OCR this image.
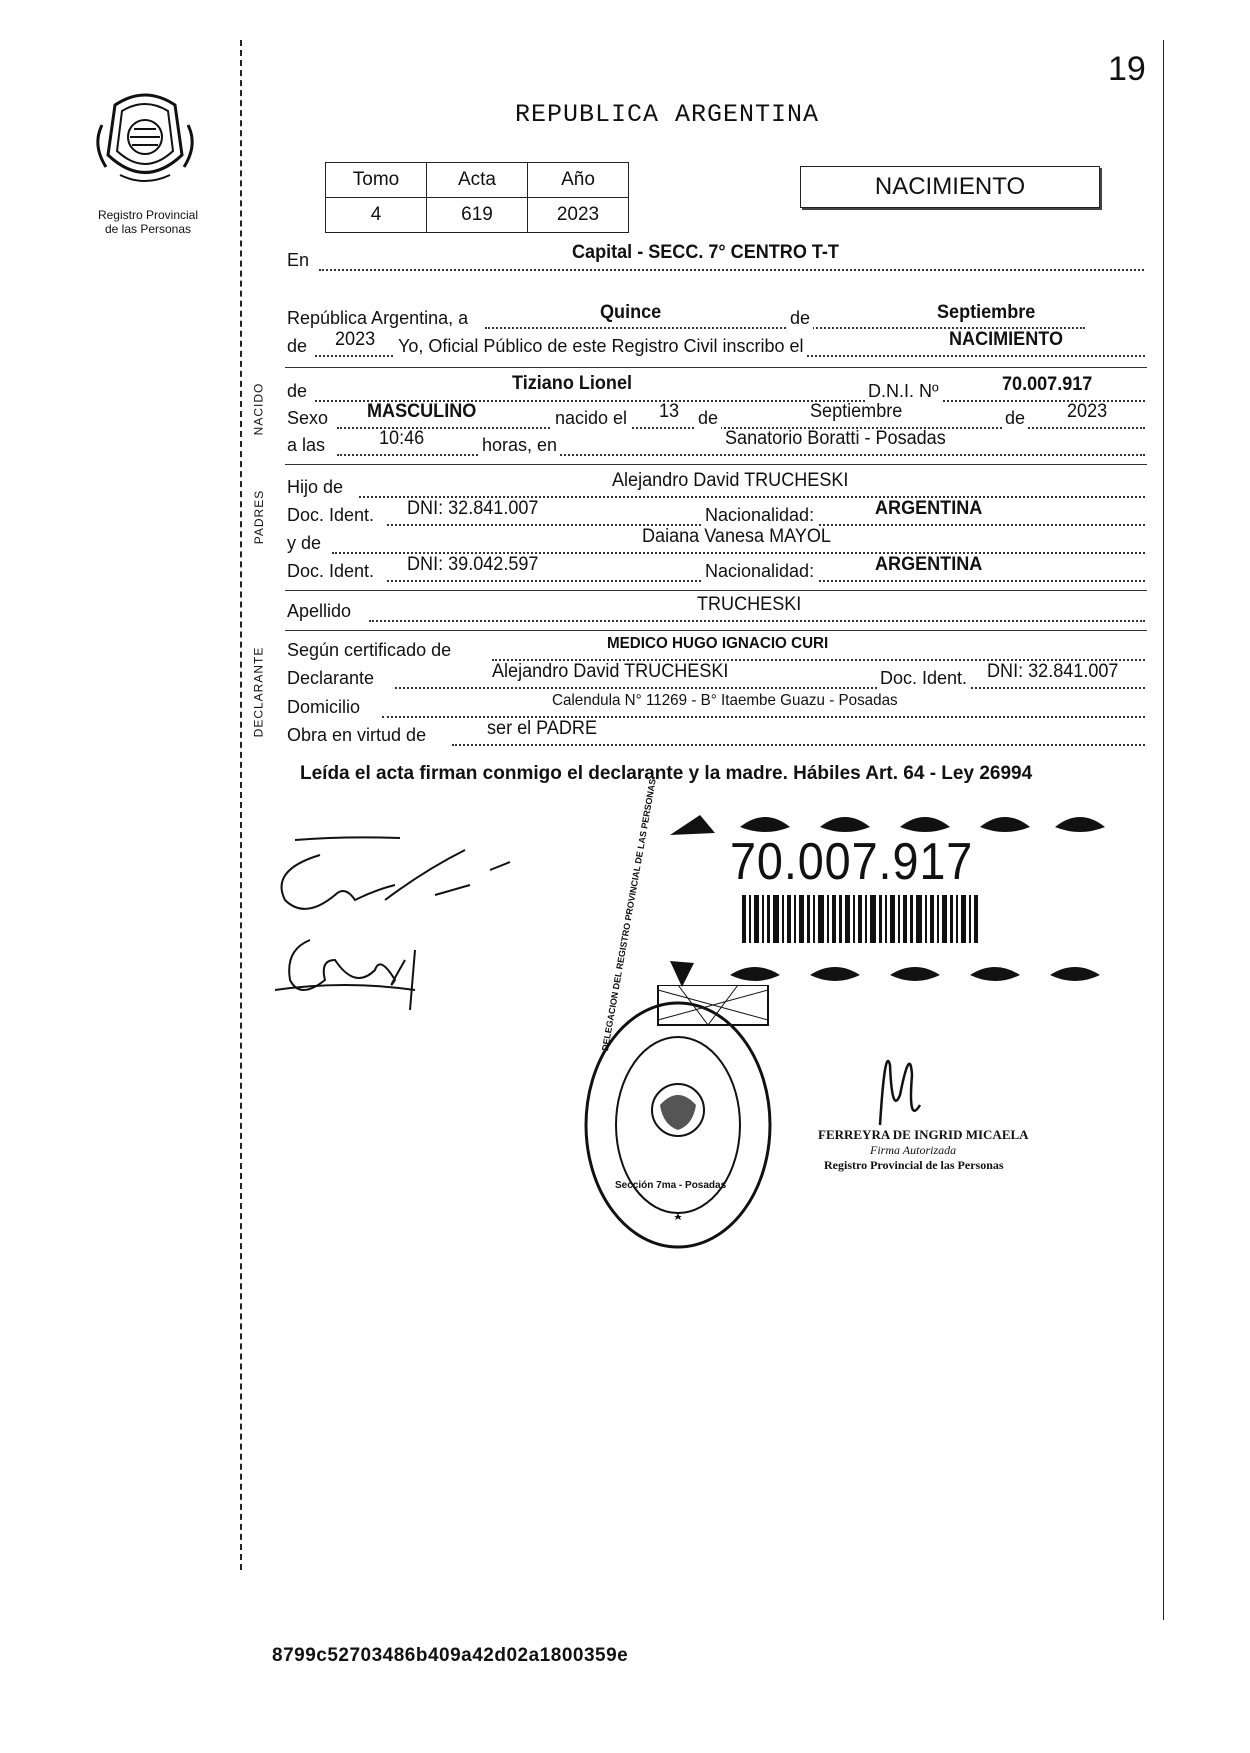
19
Registro Provincial
de las Personas
REPUBLICA ARGENTINA
Tomo	Acta	Año
4	619	2023
NACIMIENTO
En	Capital - SECC. 7° CENTRO T-T
República Argentina, a	Quince	de	Septiembre
de 2023 Yo, Oficial Público de este Registro Civil inscribo el	NACIMIENTO
NACIDO de	Tiziano Lionel	D.N.I. Nº	70.007.917
Sexo MASCULINO	nacido el 13 de	Septiembre	de 2023
a las	10:46	horas, en	Sanatorio Boratti - Posadas
PADRES
Hijo de	Alejandro David TRUCHESKI
Doc. Ident. DNI: 32.841.007	Nacionalidad:	ARGENTINA
y de	Daiana Vanesa MAYOL
Doc. Ident. DNI: 39.042.597	Nacionalidad:	ARGENTINA
Apellido	TRUCHESKI
DECLARANTE Según certificado de	MEDICO HUGO IGNACIO CURI
Declarante	Alejandro David TRUCHESKI	Doc. Ident. DNI: 32.841.007
Domicilio	Calendula N° 11269 - B° Itaembe Guazu - Posadas
Obra en virtud de	ser el PADRE
Leída el acta firman conmigo el declarante y la madre. Hábiles Art. 64 - Ley 26994
70.007.917
DELEGACION DEL REGISTRO PROVINCIAL DE LAS PERSONAS
Sección 7ma - Posadas
FERREYRA DE INGRID MICAELA
Firma Autorizada
Registro Provincial de las Personas
8799c52703486b409a42d02a1800359e
